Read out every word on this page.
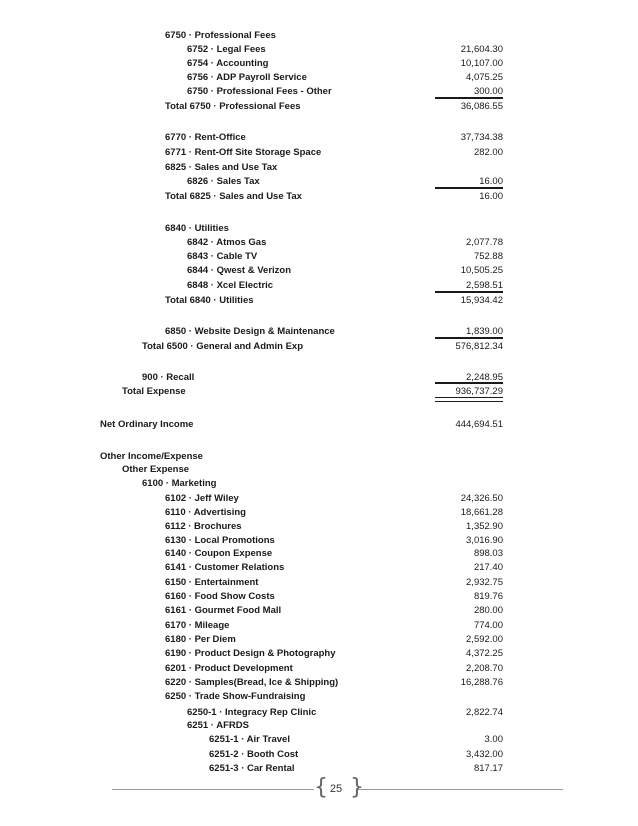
6750 · Professional Fees
6752 · Legal Fees	21,604.30
6754 · Accounting	10,107.00
6756 · ADP Payroll Service	4,075.25
6750 · Professional Fees - Other	300.00
Total 6750 · Professional Fees	36,086.55
6770 · Rent-Office	37,734.38
6771 · Rent-Off Site Storage Space	282.00
6825 · Sales and Use Tax
6826 · Sales Tax	16.00
Total 6825 · Sales and Use Tax	16.00
6840 · Utilities
6842 · Atmos Gas	2,077.78
6843 · Cable TV	752.88
6844 · Qwest & Verizon	10,505.25
6848 · Xcel Electric	2,598.51
Total 6840 · Utilities	15,934.42
6850 · Website Design & Maintenance	1,839.00
Total 6500 · General and Admin Exp	576,812.34
900 · Recall	2,248.95
Total Expense	936,737.29
Net Ordinary Income	444,694.51
Other Income/Expense
Other Expense
6100 · Marketing
6102 · Jeff Wiley	24,326.50
6110 · Advertising	18,661.28
6112 · Brochures	1,352.90
6130 · Local Promotions	3,016.90
6140 · Coupon Expense	898.03
6141 · Customer Relations	217.40
6150 · Entertainment	2,932.75
6160 · Food Show Costs	819.76
6161 · Gourmet Food Mall	280.00
6170 · Mileage	774.00
6180 · Per Diem	2,592.00
6190 · Product Design & Photography	4,372.25
6201 · Product Development	2,208.70
6220 · Samples(Bread, Ice & Shipping)	16,288.76
6250 · Trade Show-Fundraising
6250-1 · Integracy Rep Clinic	2,822.74
6251 · AFRDS
6251-1 · Air Travel	3.00
6251-2 · Booth Cost	3,432.00
6251-3 · Car Rental	817.17
{ }
25
